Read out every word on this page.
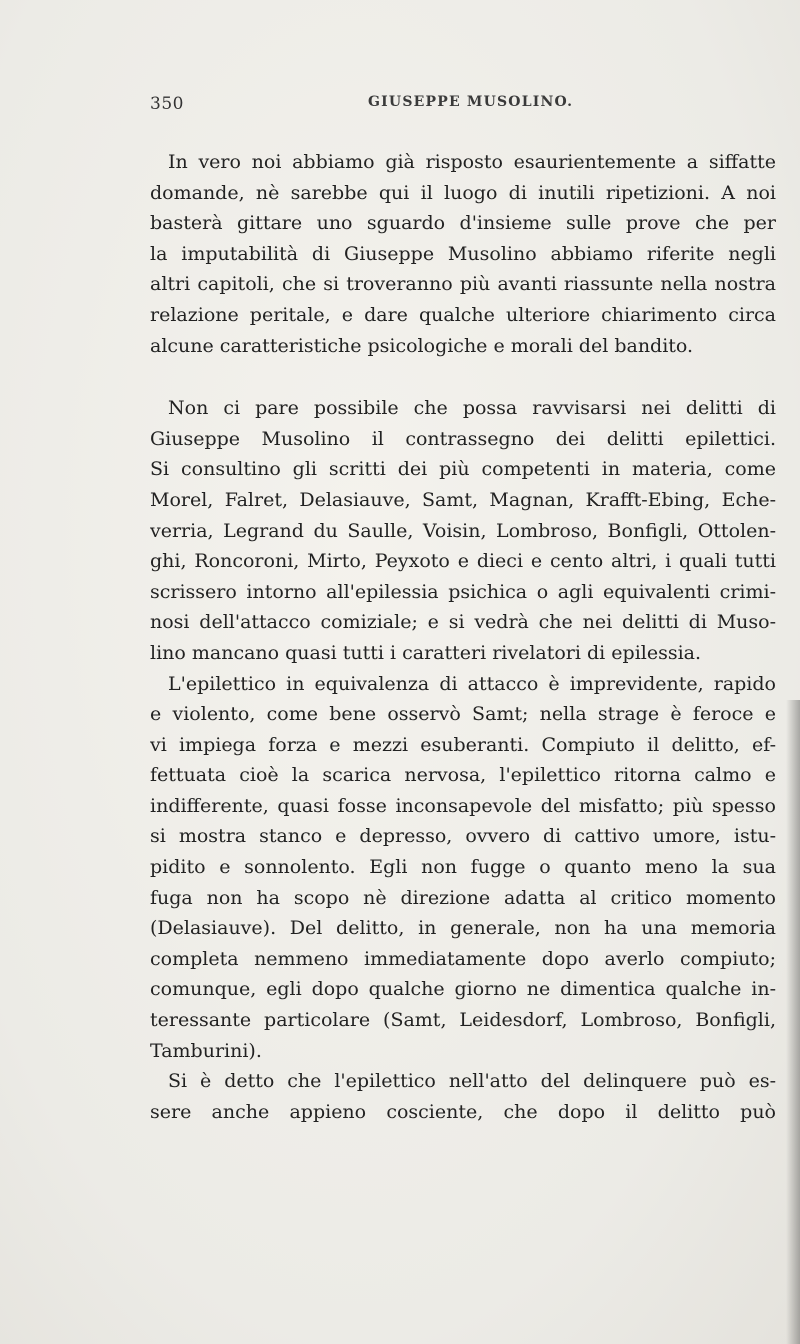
350	GIUSEPPE MUSOLINO.
In vero noi abbiamo già risposto esaurientemente a siffatte
domande, nè sarebbe qui il luogo di inutili ripetizioni. A noi
basterà gittare uno sguardo d'insieme sulle prove che per
la imputabilità di Giuseppe Musolino abbiamo riferite negli
altri capitoli, che si troveranno più avanti riassunte nella nostra
relazione peritale, e dare qualche ulteriore chiarimento circa
alcune caratteristiche psicologiche e morali del bandito.
Non ci pare possibile che possa ravvisarsi nei delitti di
Giuseppe Musolino il contrassegno dei delitti epilettici.
Si consultino gli scritti dei più competenti in materia, come
Morel, Falret, Delasiauve, Samt, Magnan, Krafft-Ebing, Eche-
verria, Legrand du Saulle, Voisin, Lombroso, Bonfigli, Ottolen-
ghi, Roncoroni, Mirto, Peyxoto e dieci e cento altri, i quali tutti
scrissero intorno all'epilessia psichica o agli equivalenti crimi-
nosi dell'attacco comiziale; e si vedrà che nei delitti di Muso-
lino mancano quasi tutti i caratteri rivelatori di epilessia.
L'epilettico in equivalenza di attacco è imprevidente, rapido
e violento, come bene osservò Samt; nella strage è feroce e
vi impiega forza e mezzi esuberanti. Compiuto il delitto, ef-
fettuata cioè la scarica nervosa, l'epilettico ritorna calmo e
indifferente, quasi fosse inconsapevole del misfatto; più spesso
si mostra stanco e depresso, ovvero di cattivo umore, istu-
pidito e sonnolento. Egli non fugge o quanto meno la sua
fuga non ha scopo nè direzione adatta al critico momento
(Delasiauve). Del delitto, in generale, non ha una memoria
completa nemmeno immediatamente dopo averlo compiuto;
comunque, egli dopo qualche giorno ne dimentica qualche in-
teressante particolare (Samt, Leidesdorf, Lombroso, Bonfigli,
Tamburini).
Si è detto che l'epilettico nell'atto del delinquere può es-
sere anche appieno cosciente, che dopo il delitto può
